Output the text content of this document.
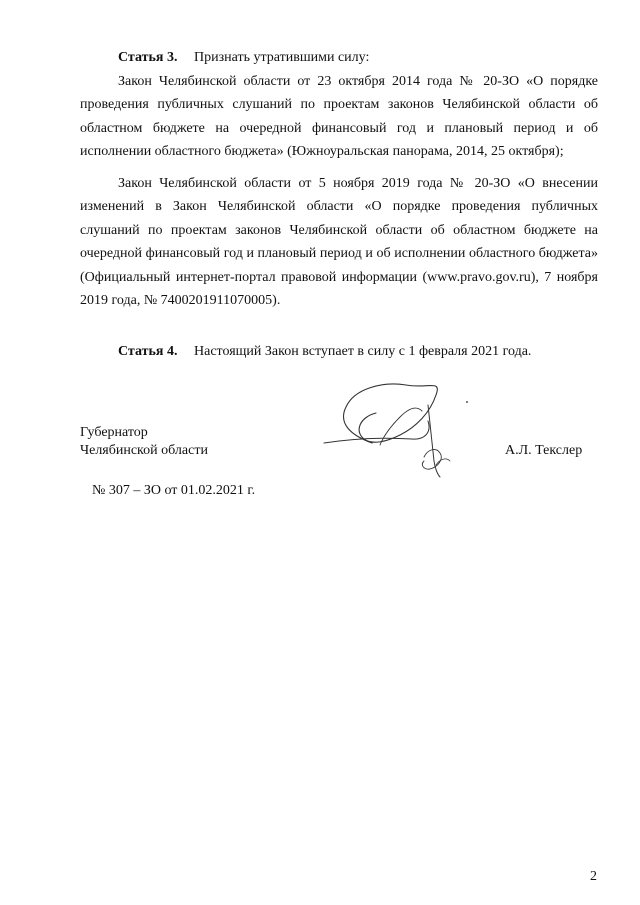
Статья 3. Признать утратившими силу:

Закон Челябинской области от 23 октября 2014 года № 20-ЗО «О порядке проведения публичных слушаний по проектам законов Челябинской области об областном бюджете на очередной финансовый год и плановый период и об исполнении областного бюджета» (Южноуральская панорама, 2014, 25 октября);

Закон Челябинской области от 5 ноября 2019 года № 20-ЗО «О внесении изменений в Закон Челябинской области «О порядке проведения публичных слушаний по проектам законов Челябинской области об областном бюджете на очередной финансовый год и плановый период и об исполнении областного бюджета» (Официальный интернет-портал правовой информации (www.pravo.gov.ru), 7 ноября 2019 года, № 7400201911070005).

Статья 4. Настоящий Закон вступает в силу с 1 февраля 2021 года.
Губернатор
Челябинской области	А.Л. Текслер
№ 307 – ЗО от 01.02.2021 г.
2
